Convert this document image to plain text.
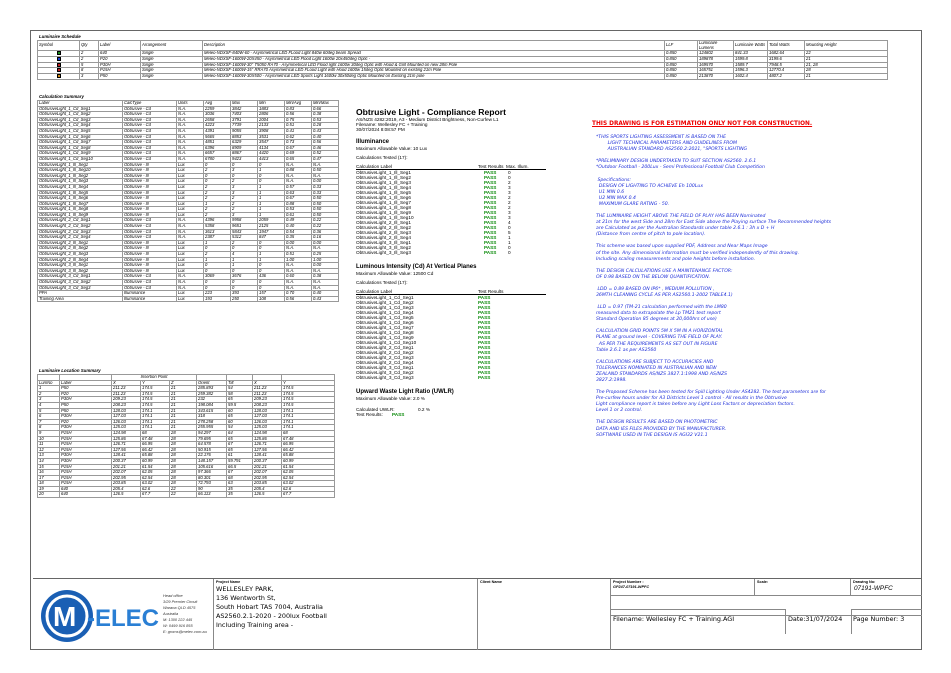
Luminaire Schedule
Symbol	Qty	Label	Arrangement	Description	LLF	Luminaire Lumens	Luminaire Watts	Total Watts	Mounting Height
	2	640	Single	Meleo-NDXSF-840W-60 - Asymmetrical LED FLood Light 840w 60deg beam Spread	0.850	124802	841.33	1682.64	22
	2	P20	Single	Meleo-NDXSF-1600W-20X450 - Asymmetrical LED Flood Light 1600w 20x450deg Optic -	0.850	189878	1599.8	3199.6	21
	5	P30H	Single	Meleo-NDXSF-1600W-30° T5050 RA70 - Asymmetrical LED Flood light 1600w 30deg Optic with Hood & Grill Mounted on new 28m Pole	0.850	169570	1589.7	7948.5	21, 28
	8	P15H	Single	Meleo-NDXSF-1600W-15° RRA70 Asymmetrical LED FLood Light with Hood 1600w 15deg Optic Mounted on existing 21m Pole	0.850	165751	1596.3	12770.4	28
	3	P50	Single	Meleo-NDXSF-1600W-30X500 - Asymmetrical LED Sports Light 1600w 30x50deg Optic Mounted on Existing 21m pole	0.850	213870	1602.4	4807.2	21
Calculation Summary
Label	CalcType	Units	Avg	Max	Min	Min/Avg	Min/Max
ObtrusiveLight_1_Cd_Seg1	Obtrusive - Cd	N.A.	2259	3842	1883	0.83	0.66
ObtrusiveLight_1_Cd_Seg2	Obtrusive - Cd	N.A.	3036	7403	2806	0.56	0.38
ObtrusiveLight_1_Cd_Seg3	Obtrusive - Cd	N.A.	2658	3791	2004	0.75	0.53
ObtrusiveLight_1_Cd_Seg4	Obtrusive - Cd	N.A.	4223	7739	2133	0.51	0.28
ObtrusiveLight_1_Cd_Seg5	Obtrusive - Cd	N.A.	4391	9055	3908	0.41	0.43
ObtrusiveLight_1_Cd_Seg6	Obtrusive - Cd	N.A.	5665	8853	3531	0.62	0.40
ObtrusiveLight_1_Cd_Seg7	Obtrusive - Cd	N.A.	4851	6329	3547	0.73	0.56
ObtrusiveLight_1_Cd_Seg8	Obtrusive - Cd	N.A.	6396	8909	4134	0.67	0.46
ObtrusiveLight_1_Cd_Seg9	Obtrusive - Cd	N.A.	6657	8867	4420	0.69	0.52
ObtrusiveLight_1_Cd_Seg10	Obtrusive - Cd	N.A.	6780	9423	4413	0.65	0.47
ObtrusiveLight_1_Ill_Seg1	Obtrusive - Ill	Lux	0	0	0	N.A.	N.A.
ObtrusiveLight_1_Ill_Seg10	Obtrusive - Ill	Lux	2	3	1	0.88	0.50
ObtrusiveLight_1_Ill_Seg2	Obtrusive - Ill	Lux	0	0	0	N.A.	N.A.
ObtrusiveLight_1_Ill_Seg3	Obtrusive - Ill	Lux	0	2	0	N.A.	0.00
ObtrusiveLight_1_Ill_Seg4	Obtrusive - Ill	Lux	2	3	1	0.57	0.33
ObtrusiveLight_1_Ill_Seg5	Obtrusive - Ill	Lux	2	3	1	0.63	0.33
ObtrusiveLight_1_Ill_Seg6	Obtrusive - Ill	Lux	2	2	1	0.67	0.50
ObtrusiveLight_1_Ill_Seg7	Obtrusive - Ill	Lux	1	2	1	0.88	0.50
ObtrusiveLight_1_Ill_Seg8	Obtrusive - Ill	Lux	2	2	1	0.53	0.50
ObtrusiveLight_1_Ill_Seg9	Obtrusive - Ill	Lux	2	3	1	0.61	0.50
ObtrusiveLight_2_Cd_Seg1	Obtrusive - Cd	N.A.	4396	9958	2059	0.49	0.22
ObtrusiveLight_2_Cd_Seg2	Obtrusive - Cd	N.A.	5358	9651	2125	0.40	0.22
ObtrusiveLight_2_Cd_Seg3	Obtrusive - Cd	N.A.	3613	5843	1947	0.54	0.36
ObtrusiveLight_2_Cd_Seg4	Obtrusive - Cd	N.A.	2387	5312	847	0.35	0.16
ObtrusiveLight_2_Ill_Seg1	Obtrusive - Ill	Lux	1	2	0	0.00	0.00
ObtrusiveLight_2_Ill_Seg2	Obtrusive - Ill	Lux	0	0	0	N.A.	N.A.
ObtrusiveLight_2_Ill_Seg3	Obtrusive - Ill	Lux	2	4	1	0.51	0.25
ObtrusiveLight_2_Ill_Seg4	Obtrusive - Ill	Lux	1	1	1	1.00	1.00
ObtrusiveLight_3_Ill_Seg1	Obtrusive - Ill	Lux	0	1	0	N.A.	0.00
ObtrusiveLight_3_Ill_Seg2	Obtrusive - Ill	Lux	0	0	0	N.A.	N.A.
ObtrusiveLight_3_Cd_Seg1	Obtrusive - Cd	N.A.	3069	3676	436	0.60	0.38
ObtrusiveLight_3_Cd_Seg2	Obtrusive - Cd	N.A.	0	0	0	N.A.	N.A.
ObtrusiveLight_3_Cd_Seg3	Obtrusive - Cd	N.A.	0	0	0	N.A.	N.A.
PPA	Illuminance	Lux	223	393	157	0.70	0.40
Training Area	Illuminance	Lux	193	250	108	0.56	0.43
Luminaire Location Summary
		Insertion Point						
LumNo	Label	X	Y	Z	Orient	Tilt	X	Y
1	P50	211.23	174.5	21	285.893	54	211.23	174.5
2	P20	211.23	174.5	21	259.382	58	211.23	174.5
3	P30H	209.23	174.5	21	232	65	209.23	174.5
4	P50	208.23	174.5	21	198.084	59.5	208.23	174.5
5	P50	128.03	174.1	21	343.615	60	128.03	174.1
6	P30H	127.03	174.1	21	318	65	127.03	174.1
7	P20	126.03	174.1	21	278.258	60	126.03	174.1
8	P30H	125.03	174.1	21	255.955	54	125.03	174.1
9	P15H	124.98	68	28	94.297	64	124.98	68
10	P15H	125.86	67.48	28	79.695	65	125.86	67.48
11	P15H	126.71	66.95	28	64.578	67	126.71	66.95
12	P15H	127.56	66.42	28	50.915	65	127.56	66.42
13	P30H	128.41	65.88	28	22.176	61	128.41	65.88
14	P30H	200.37	60.99	28	148.157	59.791	200.37	60.99
15	P15H	201.21	61.54	28	105.616	66.5	201.21	61.54
16	P15H	202.07	62.05	28	97.366	67	202.07	62.05
17	P15H	202.95	62.54	28	80.301	68	202.95	62.54
18	P15H	203.85	63.02	28	72.793	63	203.85	63.02
19	640	205.4	62.6	22	90	35	205.4	62.6
20	640	126.5	67.7	22	66.113	35	126.5	67.7
Obtrusive Light - Compliance Report
AS/NZS 4282:2019, A3 - Medium District Brightness, Non-Curfew L1
Filename: Wellesley FC + Training
30/07/2024 8:08:57 PM
Illuminance
Maximum Allowable Value: 10 Lux
Calculations Tested (17):
Calculation Label	Test Results Max. Illum.
ObtrusiveLight_1_Ill_Seg1	PASS	0
ObtrusiveLight_1_Ill_Seg2	PASS	0
ObtrusiveLight_1_Ill_Seg3	PASS	2
ObtrusiveLight_1_Ill_Seg4	PASS	3
ObtrusiveLight_1_Ill_Seg5	PASS	3
ObtrusiveLight_1_Ill_Seg6	PASS	2
ObtrusiveLight_1_Ill_Seg7	PASS	2
ObtrusiveLight_1_Ill_Seg8	PASS	2
ObtrusiveLight_1_Ill_Seg9	PASS	3
ObtrusiveLight_1_Ill_Seg10	PASS	3
ObtrusiveLight_2_Ill_Seg1	PASS	4
ObtrusiveLight_2_Ill_Seg2	PASS	0
ObtrusiveLight_2_Ill_Seg3	PASS	5
ObtrusiveLight_2_Ill_Seg4	PASS	1
ObtrusiveLight_3_Ill_Seg1	PASS	1
ObtrusiveLight_3_Ill_Seg2	PASS	0
ObtrusiveLight_3_Ill_Seg3	PASS	0
Luminous Intensity (Cd) At Vertical Planes
Maximum Allowable Value: 12500 Cd
Calculations Tested (17):
Calculation Label	Test Results
ObtrusiveLight_1_Cd_Seg1	PASS
ObtrusiveLight_1_Cd_Seg2	PASS
ObtrusiveLight_1_Cd_Seg3	PASS
ObtrusiveLight_1_Cd_Seg4	PASS
ObtrusiveLight_1_Cd_Seg5	PASS
ObtrusiveLight_1_Cd_Seg6	PASS
ObtrusiveLight_1_Cd_Seg7	PASS
ObtrusiveLight_1_Cd_Seg8	PASS
ObtrusiveLight_1_Cd_Seg9	PASS
ObtrusiveLight_1_Cd_Seg10	PASS
ObtrusiveLight_2_Cd_Seg1	PASS
ObtrusiveLight_2_Cd_Seg2	PASS
ObtrusiveLight_2_Cd_Seg3	PASS
ObtrusiveLight_2_Cd_Seg4	PASS
ObtrusiveLight_3_Cd_Seg1	PASS
ObtrusiveLight_3_Cd_Seg2	PASS
ObtrusiveLight_3_Cd_Seg3	PASS
Upward Waste Light Ratio (UWLR)
Maximum Allowable Value: 2.0 %
Calculated UWLR:	0.2 %
Test Results:	PASS
THIS DRAWING IS FOR ESTIMATION ONLY NOT FOR CONSTRUCTION.

*THIS SPORTS LIGHTING ASSESSMENT IS BASED ON THE
LIGHT TECHNICAL PARAMETERS AND GUIDELINES FROM
AUSTRALIAN STANDARD AS2560.2:2021, "SPORTS LIGHTING

*PRELIMINARY DESIGN UNDERTAKEN TO SUIT SECTION AS2560. 2.6.1
*Outdoor Football - 200Lux - Semi Professional Football Club Competition

Specifications:
DESIGN OF LIGHTING TO ACHIEVE Eh 100Lux
U1 MIN 0.6
U2 MIN MAX 0.4
MAXIMUM GLARE RATING - 50.

THE LUMINAIRE HEIGHT ABOVE THE FIELD OF PLAY HAS BEEN Nominated
at 21m for the west Side and 28m for East Side above the Playing surface The Recommended heights
are Calculated as per the Australian Standards under table 2.6.1 : 3h x D + H
(Distance from centre of pitch to pole location).

This scheme was based upon supplied PDF, Address and Near Maps Image
of the site. Any dimensional information must be verified independently of this drawing.
Including scaling measurements and pole heights before installation.

THE DESIGN CALCULATIONS USE A MAINTENANCE FACTOR:
OF 0.98 BASED ON THE BELOW QUANTIFICATION.

LDD = 0.89 BASED ON IP6* , MEDIUM POLLUTION ,
36MTH CLEANING CYCLE AS PER AS2560.1-2002 TABLE4.1)

LLD = 0.97 (TM-21 calculation performed with the LM80
measured data to extrapolate the Lp TM21 test report
Standard Operation 85 degrees at 20,000hrs of use)

CALCULATION GRID POINTS 5M X 5M IN A HORIZONTAL
PLANE at ground level - COVERING THE FIELD OF PLAY.
AS PER THE REQUIREMENTS AS SET OUT IN FIGURE
Table 2.6.1 as per AS2560

CALCULATIONS ARE SUBJECT TO ACCURACIES AND
TOLERANCES NOMINATED IN AUSTRALIAN AND NEW
ZEALAND STANDARDS AS/NZS 3827.1:1998 AND AS/NZS
3827.2:1998.

The Proposed Scheme has been tested for Spill Lighting Under AS4282. The test parameters are for
Pre-curfew hours under for A3 Districts Level 1 control - All results in the Obtrusive
Light compliance report is taken before any Light Loss Factors or depreciation factors.
Level 1 or 2 control.

THE DESIGN RESULTS ARE BASED ON PHOTOMETRIC
DATA AND IES FILES PROVIDED BY THE MANUFACTURER.
SOFTWARE USED IN THE DESIGN IS AGI32 V21.1

M -ELEC
Head office
3/29 Premier Circuit
Warana QLD 4575
Australia
M: 1300 222 445
W: 0499 916 855
E: groms@melec.com.au
Project Name
WELLESLEY PARK,
136 Wentworth St,
South Hobart TAS 7004, Australia
AS2560.2.1-2020 - 200lux Football
Including Training area -
Client Name	Project Number :
GP247-07191-WPFC
Scale:	Drawing No:
07191-WPFC
Filename: Wellesley FC + Training.AGI	Date:31/07/2024	Page Number: 3
